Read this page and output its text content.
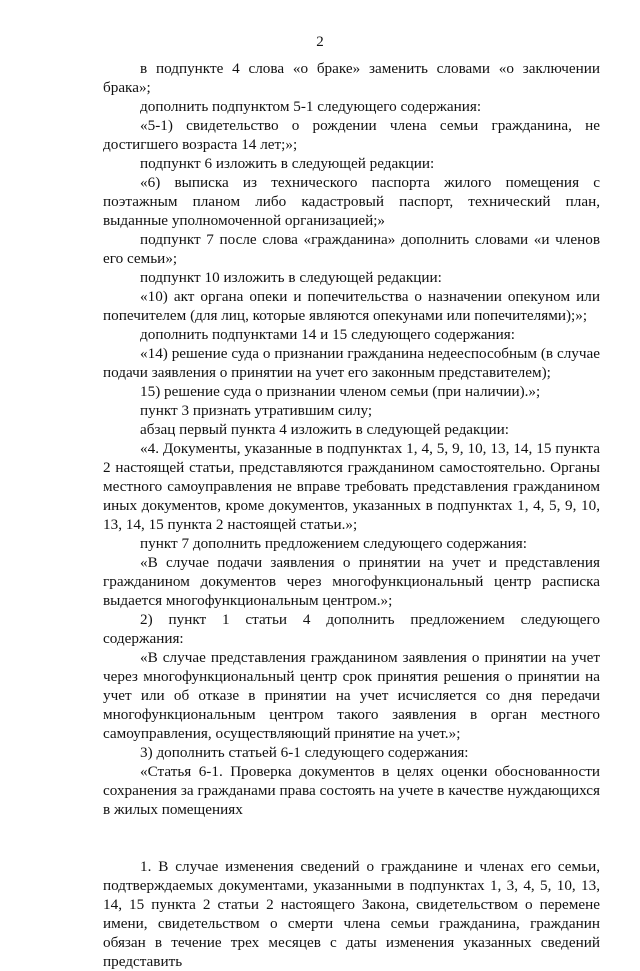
2

в подпункте 4 слова «о браке» заменить словами «о заключении брака»;

дополнить подпунктом 5-1 следующего содержания:

«5-1) свидетельство о рождении члена семьи гражданина, не достигшего возраста 14 лет;»;

подпункт 6 изложить в следующей редакции:

«6) выписка из технического паспорта жилого помещения с поэтажным планом либо кадастровый паспорт, технический план, выданные уполномоченной организацией;»

подпункт 7 после слова «гражданина» дополнить словами «и членов его семьи»;

подпункт 10 изложить в следующей редакции:

«10) акт органа опеки и попечительства о назначении опекуном или попечителем (для лиц, которые являются опекунами или попечителями);»;

дополнить подпунктами 14 и 15 следующего содержания:

«14) решение суда о признании гражданина недееспособным (в случае подачи заявления о принятии на учет его законным представителем);

15) решение суда о признании членом семьи (при наличии).»;

пункт 3 признать утратившим силу;

абзац первый пункта 4 изложить в следующей редакции:

«4. Документы, указанные в подпунктах 1, 4, 5, 9, 10, 13, 14, 15 пункта 2 настоящей статьи, представляются гражданином самостоятельно. Органы местного самоуправления не вправе требовать представления гражданином иных документов, кроме документов, указанных в подпунктах 1, 4, 5, 9, 10, 13, 14, 15 пункта 2 настоящей статьи.»;

пункт 7 дополнить предложением следующего содержания:

«В случае подачи заявления о принятии на учет и представления гражданином документов через многофункциональный центр расписка выдается многофункциональным центром.»;

2) пункт 1 статьи 4 дополнить предложением следующего содержания:

«В случае представления гражданином заявления о принятии на учет через многофункциональный центр срок принятия решения о принятии на учет или об отказе в принятии на учет исчисляется со дня передачи многофункциональным центром такого заявления в орган местного самоуправления, осуществляющий принятие на учет.»;

3) дополнить статьей 6-1 следующего содержания:

«Статья 6-1. Проверка документов в целях оценки обоснованности сохранения за гражданами права состоять на учете в качестве нуждающихся в жилых помещениях

1. В случае изменения сведений о гражданине и членах его семьи, подтверждаемых документами, указанными в подпунктах 1, 3, 4, 5, 10, 13, 14, 15 пункта 2 статьи 2 настоящего Закона, свидетельством о перемене имени, свидетельством о смерти члена семьи гражданина, гражданин обязан в течение трех месяцев с даты изменения указанных сведений представить
